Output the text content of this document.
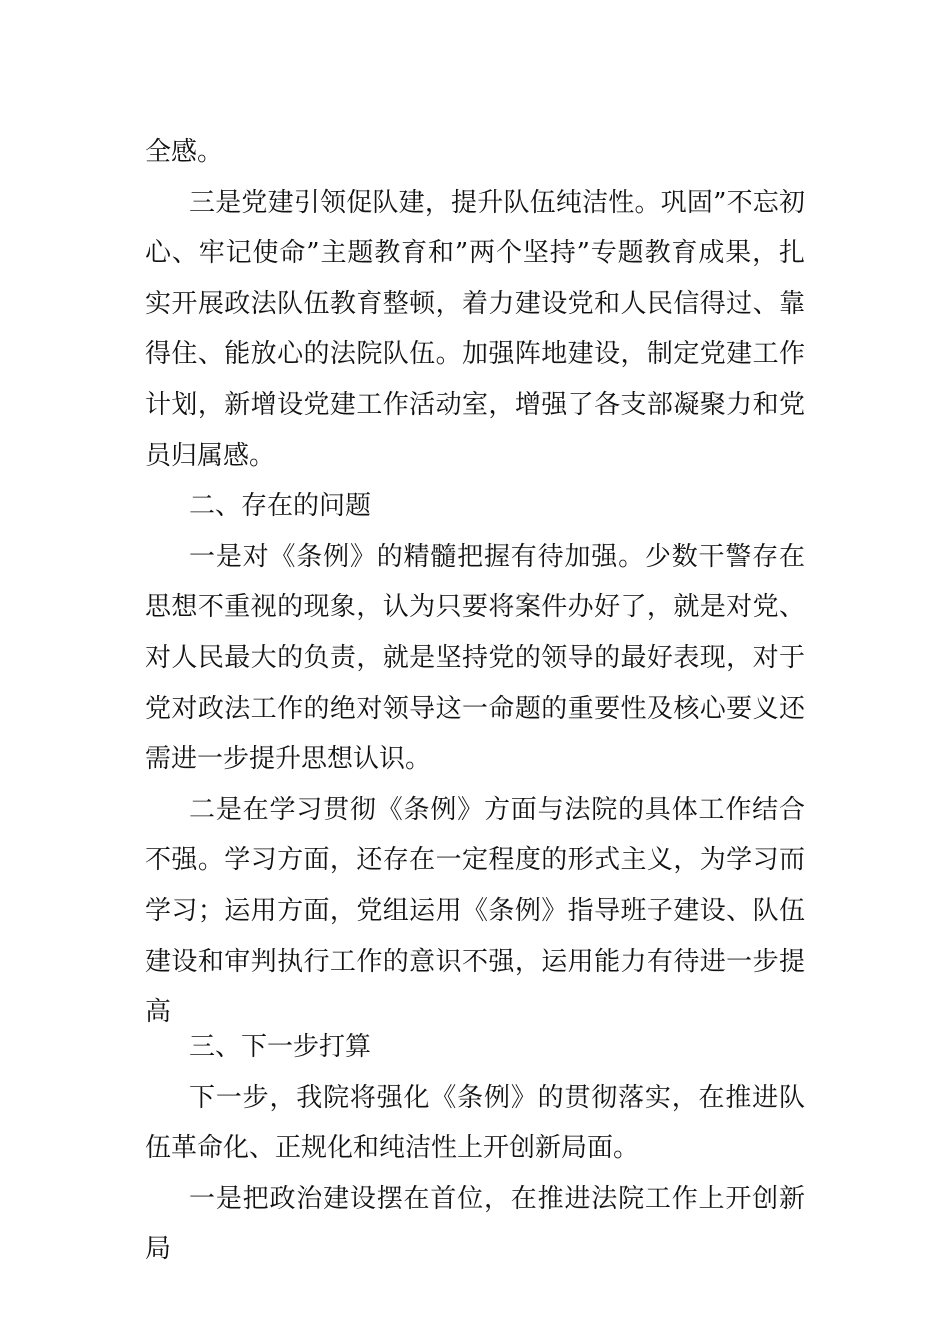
全感。

三是党建引领促队建，提升队伍纯洁性。巩固”不忘初心、牢记使命”主题教育和”两个坚持”专题教育成果，扎实开展政法队伍教育整顿，着力建设党和人民信得过、靠得住、能放心的法院队伍。加强阵地建设，制定党建工作计划，新增设党建工作活动室，增强了各支部凝聚力和党员归属感。

二、存在的问题

一是对《条例》的精髓把握有待加强。少数干警存在思想不重视的现象，认为只要将案件办好了，就是对党、对人民最大的负责，就是坚持党的领导的最好表现，对于党对政法工作的绝对领导这一命题的重要性及核心要义还需进一步提升思想认识。

二是在学习贯彻《条例》方面与法院的具体工作结合不强。学习方面，还存在一定程度的形式主义，为学习而学习；运用方面，党组运用《条例》指导班子建设、队伍建设和审判执行工作的意识不强，运用能力有待进一步提高

三、下一步打算

下一步，我院将强化《条例》的贯彻落实，在推进队伍革命化、正规化和纯洁性上开创新局面。

一是把政治建设摆在首位，在推进法院工作上开创新局
